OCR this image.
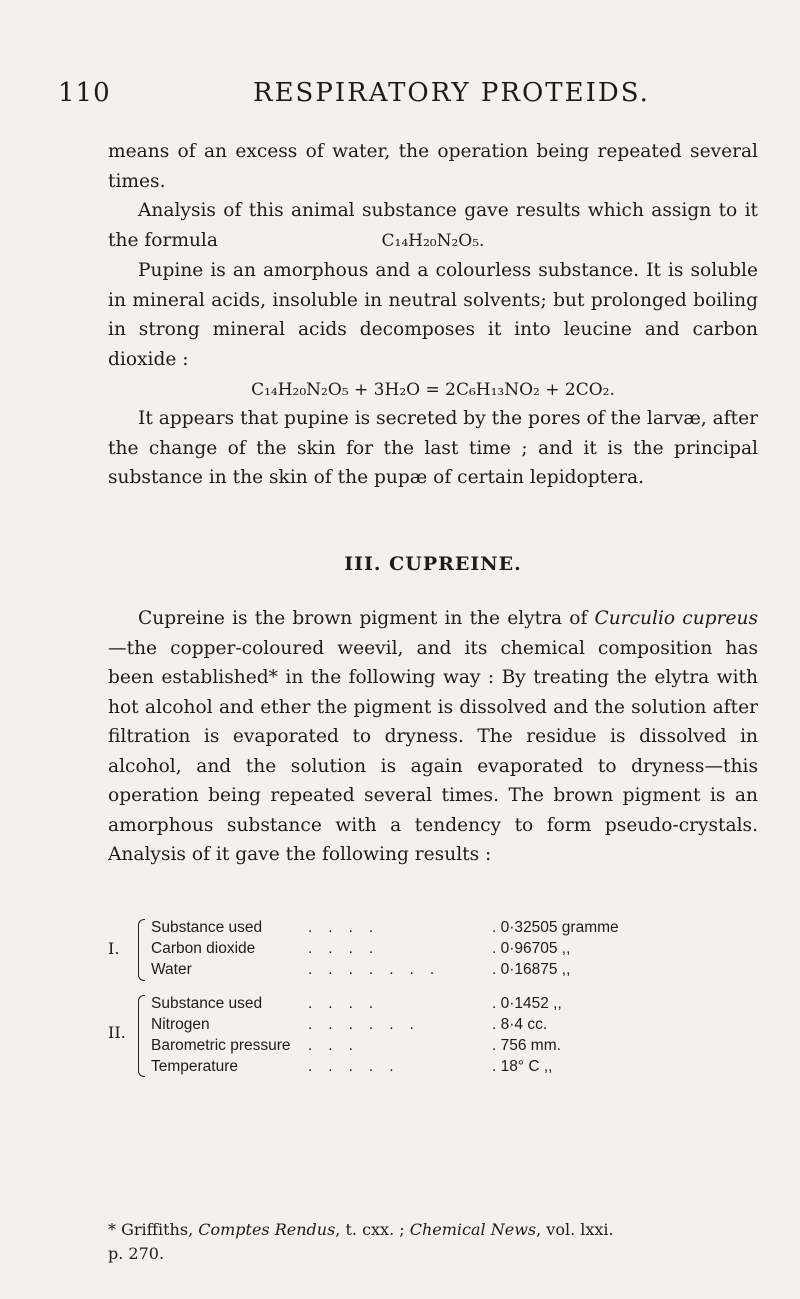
110	RESPIRATORY PROTEIDS.

means of an excess of water, the operation being repeated several times.

Analysis of this animal substance gave results which assign to it the formula	C₁₄H₂₀N₂O₅.

Pupine is an amorphous and a colourless substance. It is soluble in mineral acids, insoluble in neutral solvents; but prolonged boiling in strong mineral acids decomposes it into leucine and carbon dioxide :

C₁₄H₂₀N₂O₅ + 3H₂O = 2C₆H₁₃NO₂ + 2CO₂.

It appears that pupine is secreted by the pores of the larvæ, after the change of the skin for the last time ; and it is the principal substance in the skin of the pupæ of certain lepidoptera.

III. CUPREINE.

Cupreine is the brown pigment in the elytra of Curculio cupreus—the copper-coloured weevil, and its chemical composition has been established* in the following way : By treating the elytra with hot alcohol and ether the pigment is dissolved and the solution after filtration is evaporated to dryness. The residue is dissolved in alcohol, and the solution is again evaporated to dryness—this operation being repeated several times. The brown pigment is an amorphous substance with a tendency to form pseudo-crystals. Analysis of it gave the following results :

I.
Substance used	....	. 0·32505 gramme
Carbon dioxide	....	. 0·96705 ,,
Water	.......	. 0·16875 ,,
II.
Substance used	....	. 0·1452 ,,
Nitrogen	......	. 8·4 cc.
Barometric pressure ...	. 756 mm.
Temperature	.....	. 18° C ,,
* Griffiths, Comptes Rendus, t. cxx. ; Chemical News, vol. lxxi.
p. 270.
